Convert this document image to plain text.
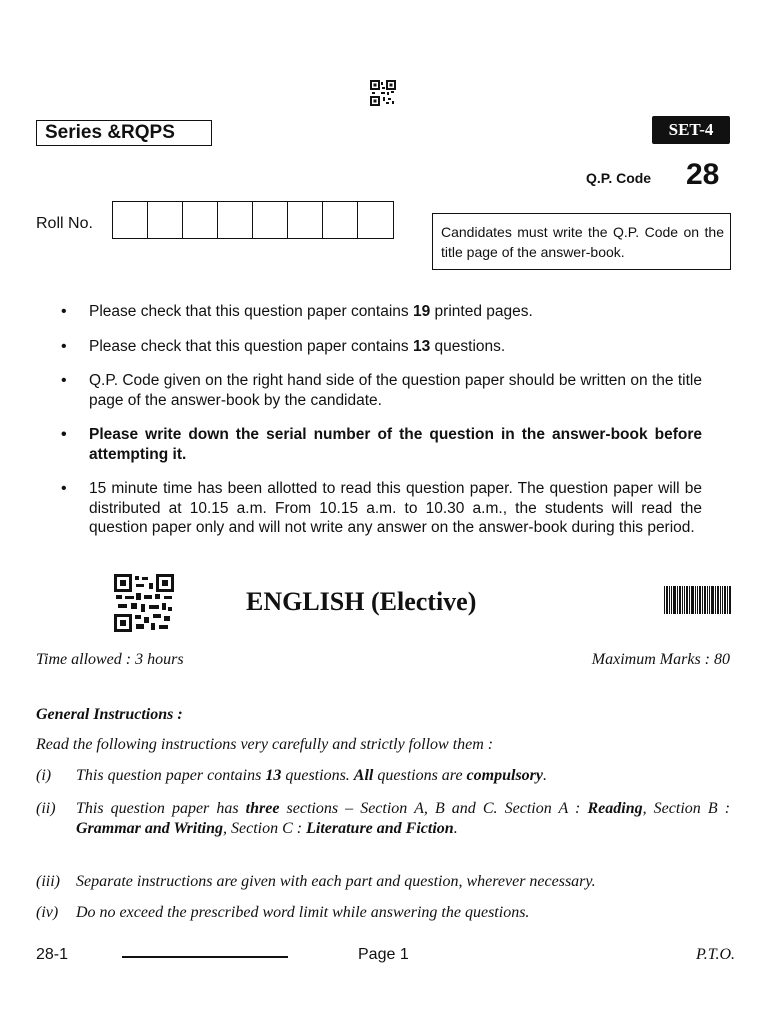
Series &RQPS	SET-4
Q.P. Code 28
Roll No.	Candidates must write the Q.P. Code on the title page of the answer-book.
• Please check that this question paper contains 19 printed pages.
• Please check that this question paper contains 13 questions.
• Q.P. Code given on the right hand side of the question paper should be written on the title page of the answer-book by the candidate.
• Please write down the serial number of the question in the answer-book before attempting it.
• 15 minute time has been allotted to read this question paper. The question paper will be distributed at 10.15 a.m. From 10.15 a.m. to 10.30 a.m., the students will read the question paper only and will not write any answer on the answer-book during this period.
ENGLISH (Elective)
Time allowed : 3 hours	Maximum Marks : 80
General Instructions :
Read the following instructions very carefully and strictly follow them :
(i) This question paper contains 13 questions. All questions are compulsory.
(ii) This question paper has three sections – Section A, B and C. Section A : Reading, Section B : Grammar and Writing, Section C : Literature and Fiction.
(iii) Separate instructions are given with each part and question, wherever necessary.
(iv) Do no exceed the prescribed word limit while answering the questions.
28-1	Page 1	P.T.O.
